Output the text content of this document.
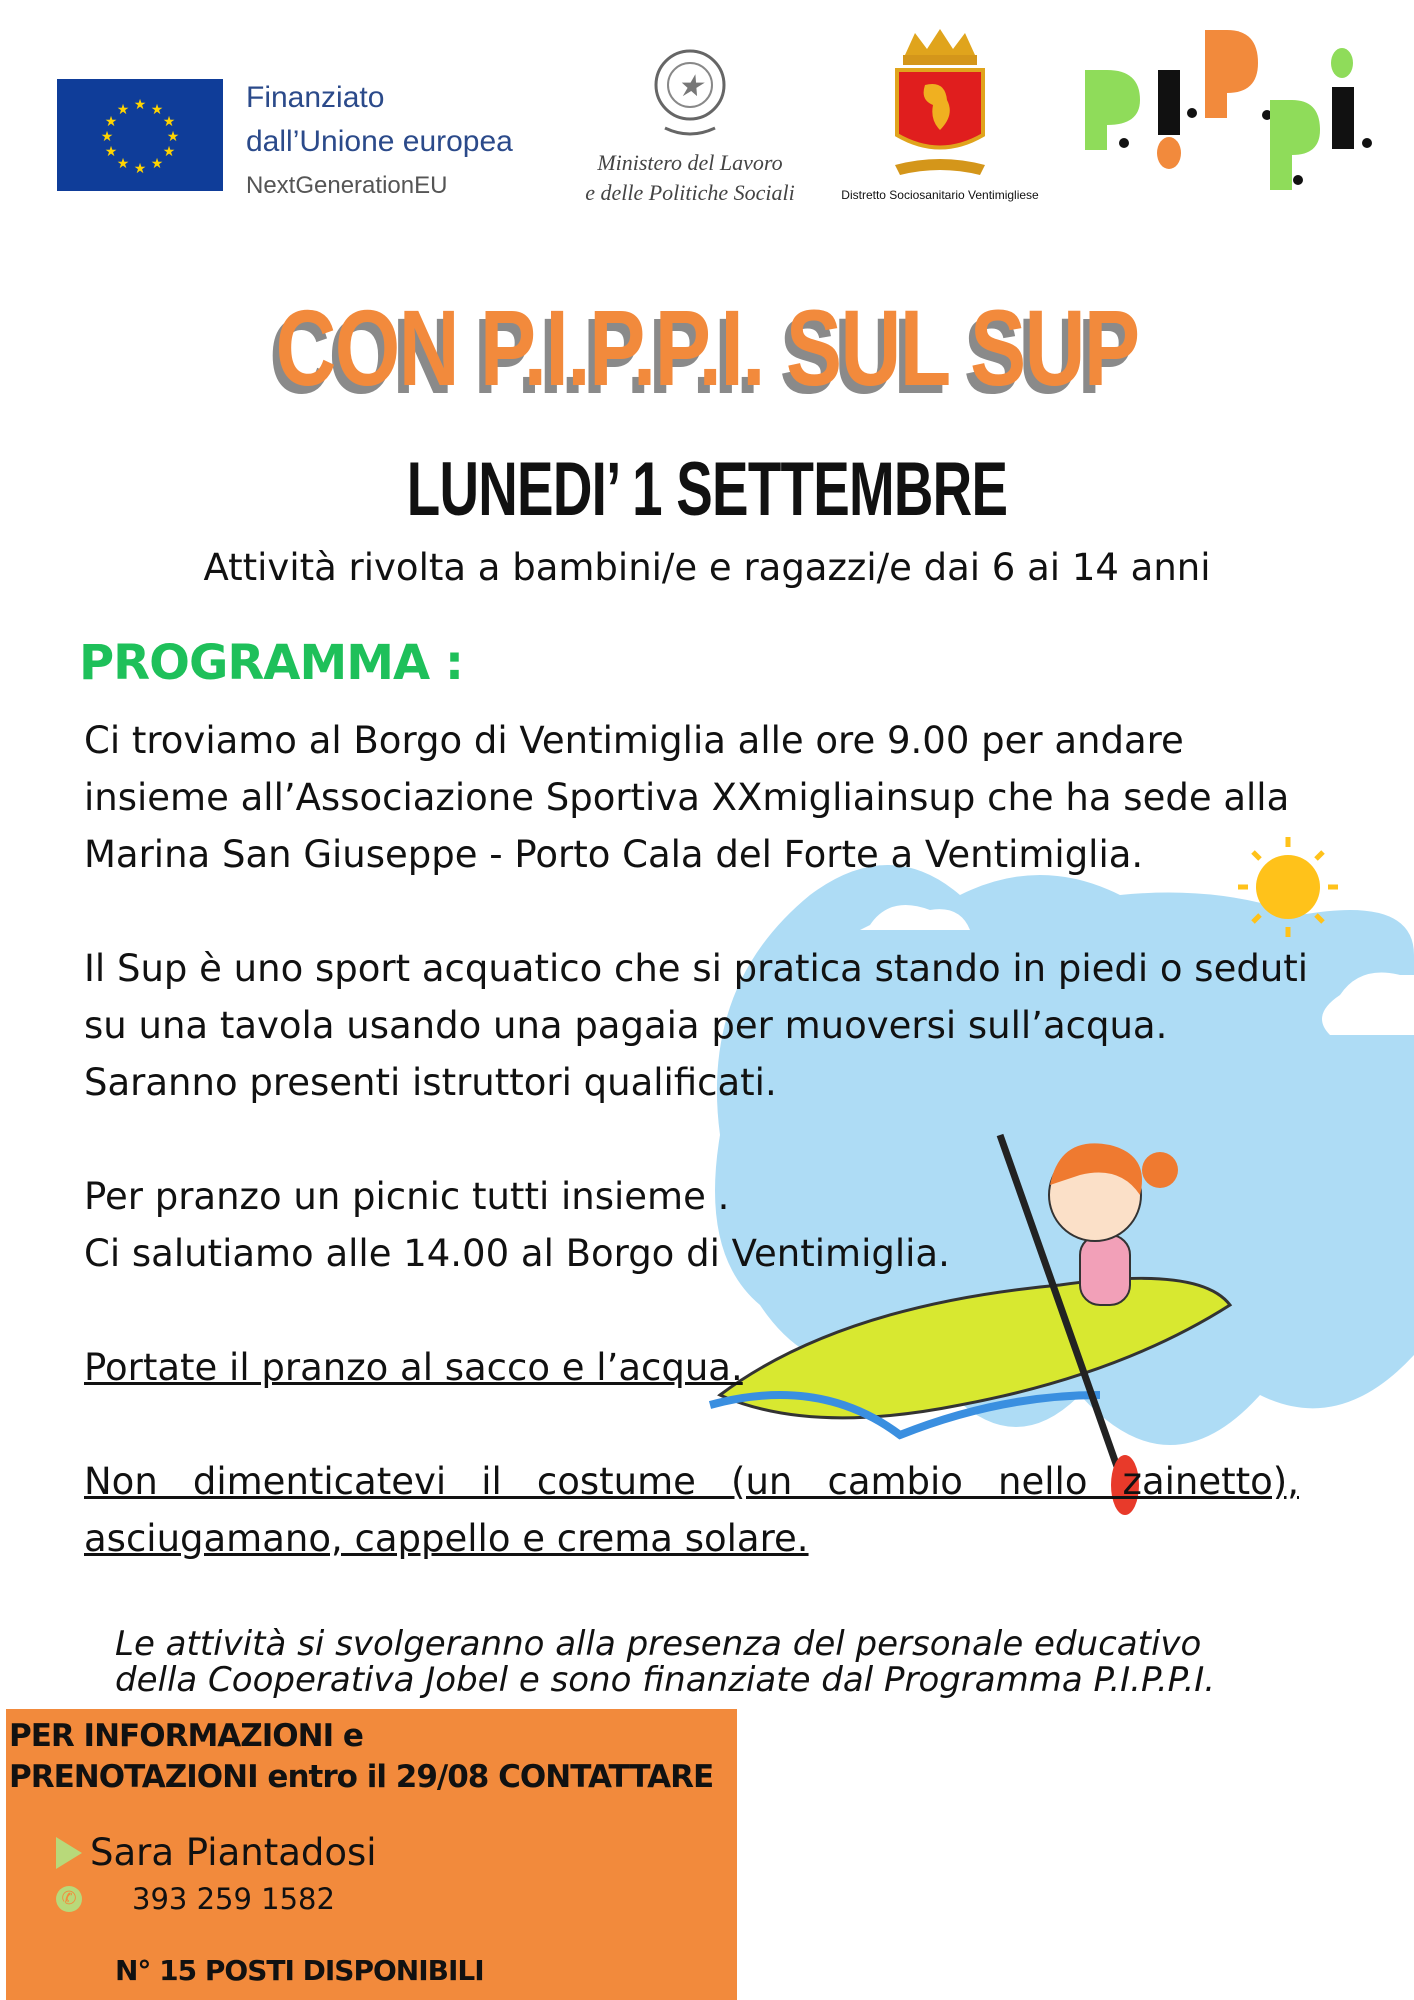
★ ★
★
★
★
★
★
★
★
★
★
★	Finanziato
dall’Unione europea
NextGenerationEU
★
Ministero del Lavoro
e delle Politiche Sociali	Distretto Sociosanitario Ventimigliese
CON P.I.P.P.I. SUL SUP
LUNEDI’ 1 SETTEMBRE
Attività rivolta a bambini/e e ragazzi/e dai 6 ai 14 anni
PROGRAMMA :

Ci troviamo al Borgo di Ventimiglia alle ore 9.00 per andare insieme all’Associazione Sportiva XXmigliainsup che ha sede alla Marina San Giuseppe - Porto Cala del Forte a Ventimiglia.

Il Sup è uno sport acquatico che si pratica stando in piedi o seduti su una tavola usando una pagaia per muoversi sull’acqua. Saranno presenti istruttori qualificati.

Per pranzo un picnic tutti insieme .

Ci salutiamo alle 14.00 al Borgo di Ventimiglia.

Portate il pranzo al sacco e l’acqua.

Non dimenticatevi il costume (un cambio nello zainetto), asciugamano, cappello e crema solare.

Le attività si svolgeranno alla presenza del personale educativo
della Cooperativa Jobel e sono finanziate dal Programma P.I.P.P.I.
PER INFORMAZIONI e
PRENOTAZIONI entro il 29/08 CONTATTARE
Sara Piantadosi
✆ 393 259 1582
N° 15 POSTI DISPONIBILI
